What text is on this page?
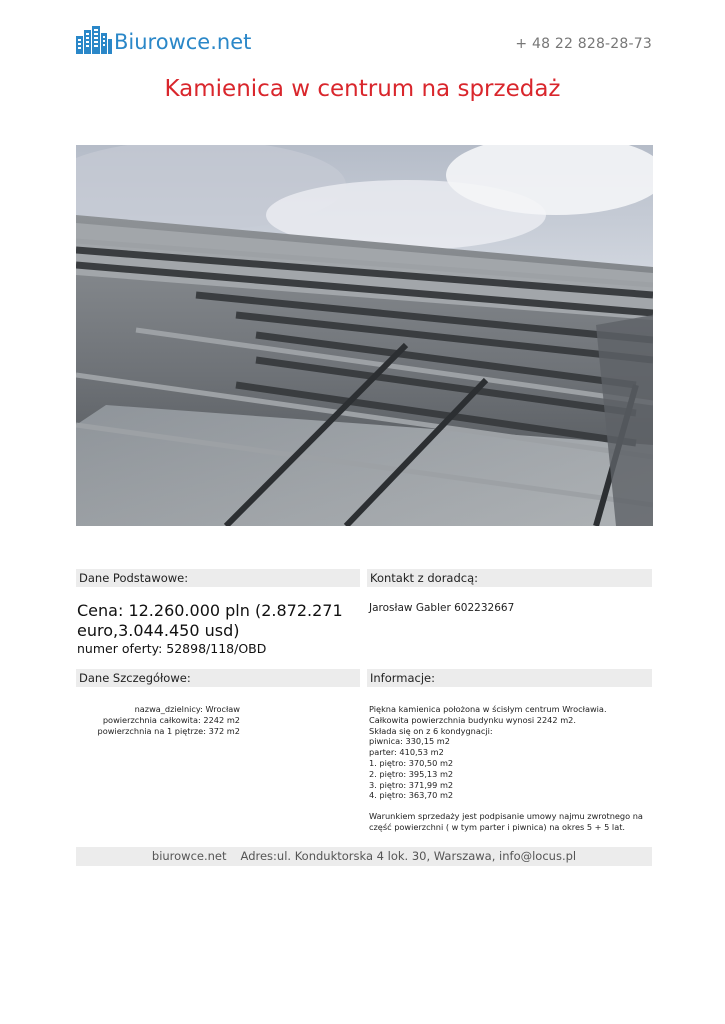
Biurowce.net	+ 48 22 828-28-73
Kamienica w centrum na sprzedaż
Dane Podstawowe:	Kontakt z doradcą:
Cena: 12.260.000 pln (2.872.271 euro,3.044.450 usd)
numer oferty: 52898/118/OBD
Jarosław Gabler 602232667
Dane Szczegółowe:	Informacje:
nazwa_dzielnicy: Wrocław
powierzchnia całkowita: 2242 m2
powierzchnia na 1 piętrze: 372 m2

Piękna kamienica położona w ścisłym centrum Wrocławia.

Całkowita powierzchnia budynku wynosi 2242 m2.

Składa się on z 6 kondygnacji:

piwnica: 330,15 m2

parter: 410,53 m2

1. piętro: 370,50 m2

2. piętro: 395,13 m2

3. piętro: 371,99 m2

4. piętro: 363,70 m2

Warunkiem sprzedaży jest podpisanie umowy najmu zwrotnego na część powierzchni ( w tym parter i piwnica) na okres 5 + 5 lat.

biurowce.net Adres:ul. Konduktorska 4 lok. 30, Warszawa, info@locus.pl
